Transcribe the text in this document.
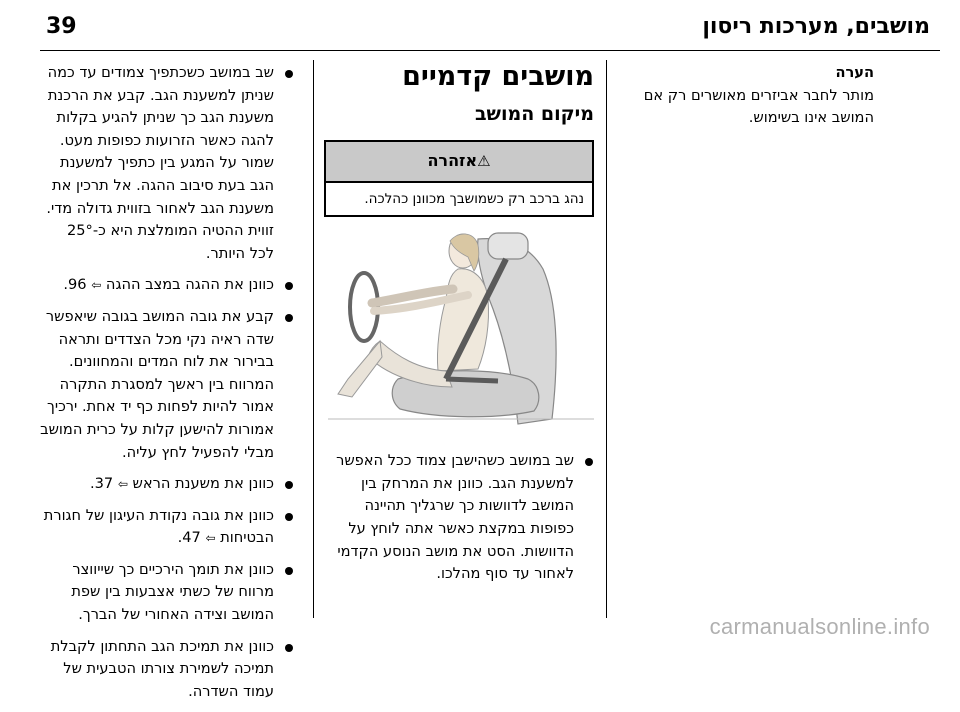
מושבים, מערכות ריסון
39
שב במושב כשכתפיך צמודים עד כמה שניתן למשענת הגב. קבע את הרכנת משענת הגב כך שניתן להגיע בקלות להגה כאשר הזרועות כפופות מעט. שמור על המגע בין כתפיך למשענת הגב בעת סיבוב ההגה. אל תרכין את משענת הגב לאחור בזווית גדולה מדי. זווית ההטיה המומלצת היא כ-25° לכל היותר.
כוונן את ההגה במצב ההגה ⇦ 96.
קבע את גובה המושב בגובה שיאפשר שדה ראיה נקי מכל הצדדים ותראה בבירור את לוח המדים והמחוונים. המרווח בין ראשך למסגרת התקרה אמור להיות לפחות כף יד אחת. ירכיך אמורות להישען קלות על כרית המושב מבלי להפעיל לחץ עליה.
כוונן את משענת הראש ⇦ 37.
כוונן את גובה נקודת העיגון של חגורת הבטיחות ⇦ 47.
כוונן את תומך הירכיים כך שייווצר מרווח של כשתי אצבעות בין שפת המושב וצידה האחורי של הברך.
כוונן את תמיכת הגב התחתון לקבלת תמיכה לשמירת צורתו הטבעית של עמוד השדרה.
מושבים קדמיים
מיקום המושב
⚠אזהרה
נהג ברכב רק כשמושבך מכוונן כהלכה.
שב במושב כשהישבן צמוד ככל האפשר למשענת הגב. כוונן את המרחק בין המושב לדוושות כך שרגליך תהיינה כפופות במקצת כאשר אתה לוחץ על הדוושות. הסט את מושב הנוסע הקדמי לאחור עד סוף מהלכו.
הערה
מותר לחבר אביזרים מאושרים רק אם המושב אינו בשימוש.
carmanualsonline.info
